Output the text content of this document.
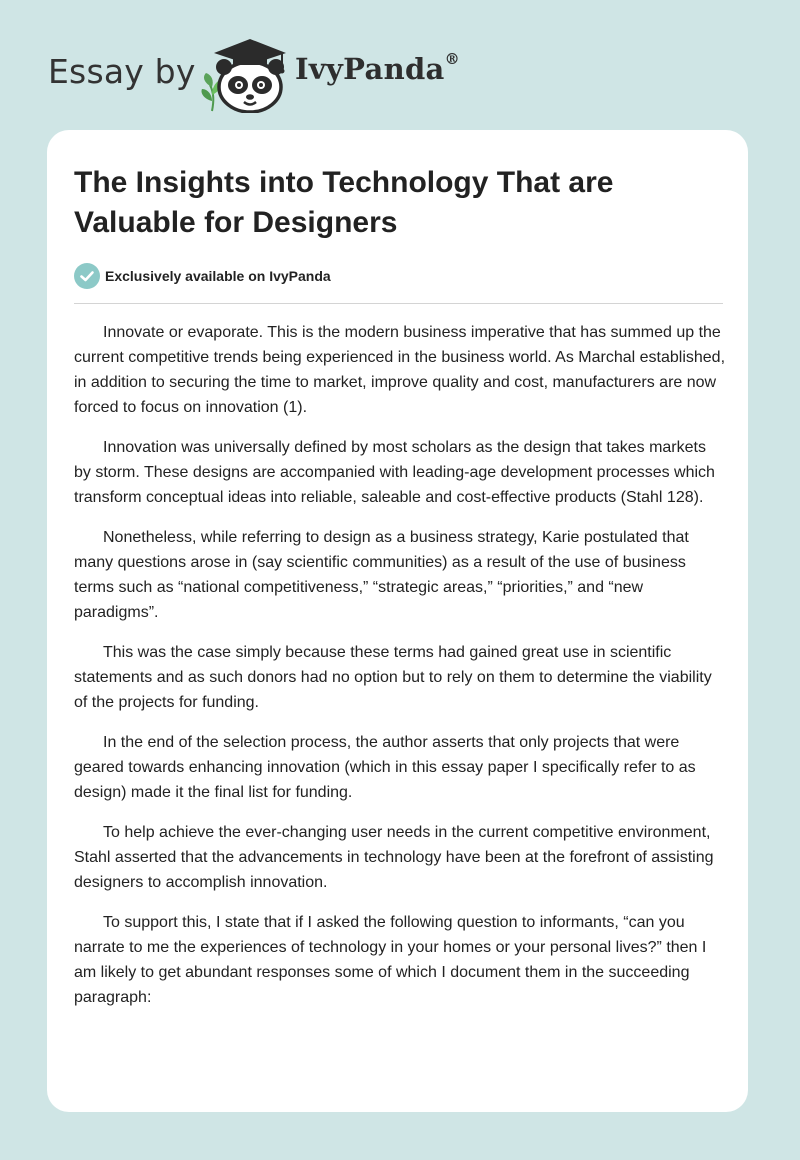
Essay by	IvyPanda®
The Insights into Technology That are Valuable for Designers
Exclusively available on IvyPanda

Innovate or evaporate. This is the modern business imperative that has summed up the current competitive trends being experienced in the business world. As Marchal established, in addition to securing the time to market, improve quality and cost, manufacturers are now forced to focus on innovation (1).

Innovation was universally defined by most scholars as the design that takes markets by storm. These designs are accompanied with leading-age development processes which transform conceptual ideas into reliable, saleable and cost-effective products (Stahl 128).

Nonetheless, while referring to design as a business strategy, Karie postulated that many questions arose in (say scientific communities) as a result of the use of business terms such as “national competitiveness,” “strategic areas,” “priorities,” and “new paradigms”.

This was the case simply because these terms had gained great use in scientific statements and as such donors had no option but to rely on them to determine the viability of the projects for funding.

In the end of the selection process, the author asserts that only projects that were geared towards enhancing innovation (which in this essay paper I specifically refer to as design) made it the final list for funding.

To help achieve the ever-changing user needs in the current competitive environment, Stahl asserted that the advancements in technology have been at the forefront of assisting designers to accomplish innovation.

To support this, I state that if I asked the following question to informants, “can you narrate to me the experiences of technology in your homes or your personal lives?” then I am likely to get abundant responses some of which I document them in the succeeding paragraph:
